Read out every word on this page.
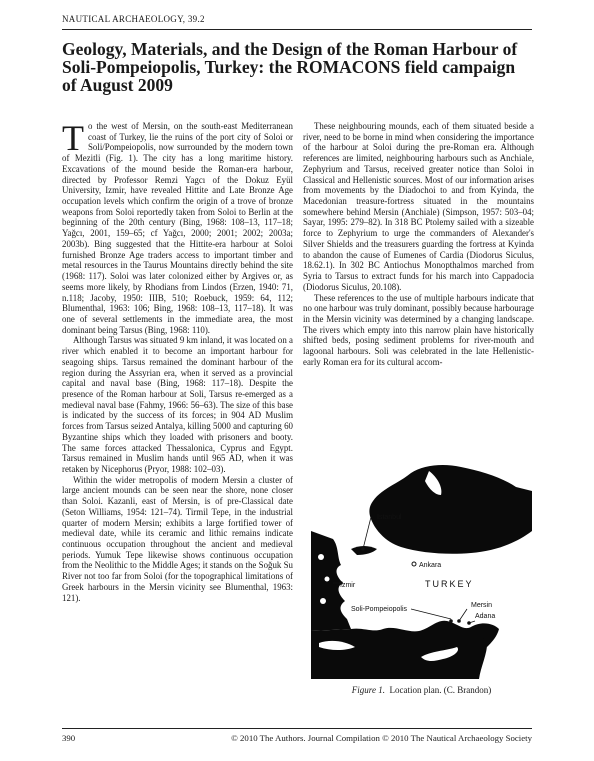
NAUTICAL ARCHAEOLOGY, 39.2
Geology, Materials, and the Design of the Roman Harbour of Soli-Pompeiopolis, Turkey: the ROMACONS field campaign of August 2009

To the west of Mersin, on the south-east Mediterranean coast of Turkey, lie the ruins of the port city of Soloi or Soli/Pompeiopolis, now surrounded by the modern town of Mezitli (Fig. 1). The city has a long maritime history. Excavations of the mound beside the Roman-era harbour, directed by Professor Remzi Yagcı of the Dokuz Eyül University, Izmir, have revealed Hittite and Late Bronze Age occupation levels which confirm the origin of a trove of bronze weapons from Soloi reportedly taken from Soloi to Berlin at the beginning of the 20th century (Bing, 1968: 108–13, 117–18; Yağcı, 2001, 159–65; cf Yağcı, 2000; 2001; 2002; 2003a; 2003b). Bing suggested that the Hittite-era harbour at Soloi furnished Bronze Age traders access to important timber and metal resources in the Taurus Mountains directly behind the site (1968: 117). Soloi was later colonized either by Argives or, as seems more likely, by Rhodians from Lindos (Erzen, 1940: 71, n.118; Jacoby, 1950: IIIB, 510; Roebuck, 1959: 64, 112; Blumenthal, 1963: 106; Bing, 1968: 108–13, 117–18). It was one of several settlements in the immediate area, the most dominant being Tarsus (Bing, 1968: 110).

Although Tarsus was situated 9 km inland, it was located on a river which enabled it to become an important harbour for seagoing ships. Tarsus remained the dominant harbour of the region during the Assyrian era, when it served as a provincial capital and naval base (Bing, 1968: 117–18). Despite the presence of the Roman harbour at Soli, Tarsus re-emerged as a medieval naval base (Fahmy, 1966: 56–63). The size of this base is indicated by the success of its forces; in 904 AD Muslim forces from Tarsus seized Antalya, killing 5000 and capturing 60 Byzantine ships which they loaded with prisoners and booty. The same forces attacked Thessalonica, Cyprus and Egypt. Tarsus remained in Muslim hands until 965 AD, when it was retaken by Nicephorus (Pryor, 1988: 102–03).

Within the wider metropolis of modern Mersin a cluster of large ancient mounds can be seen near the shore, none closer than Soloi. Kazanli, east of Mersin, is of pre-Classical date (Seton Williams, 1954: 121–74). Tirmil Tepe, in the industrial quarter of modern Mersin; exhibits a large fortified tower of medieval date, while its ceramic and lithic remains indicate continuous occupation throughout the ancient and medieval periods. Yumuk Tepe likewise shows continuous occupation from the Neolithic to the Middle Ages; it stands on the Soğuk Su River not too far from Soloi (for the topographical limitations of Greek harbours in the Mersin vicinity see Blumenthal, 1963: 121).

These neighbouring mounds, each of them situated beside a river, need to be borne in mind when considering the importance of the harbour at Soloi during the pre-Roman era. Although references are limited, neighbouring harbours such as Anchiale, Zephyrium and Tarsus, received greater notice than Soloi in Classical and Hellenistic sources. Most of our information arises from movements by the Diadochoi to and from Kyinda, the Macedonian treasure-fortress situated in the mountains somewhere behind Mersin (Anchiale) (Simpson, 1957: 503–04; Sayar, 1995: 279–82). In 318 BC Ptolemy sailed with a sizeable force to Zephyrium to urge the commanders of Alexander's Silver Shields and the treasurers guarding the fortress at Kyinda to abandon the cause of Eumenes of Cardia (Diodorus Siculus, 18.62.1). In 302 BC Antiochus Monopthalmos marched from Syria to Tarsus to extract funds for his march into Cappadocia (Diodorus Siculus, 20.108).

These references to the use of multiple harbours indicate that no one harbour was truly dominant, possibly because harbourage in the Mersin vicinity was determined by a changing landscape. The rivers which empty into this narrow plain have historically shifted beds, posing sediment problems for river-mouth and lagoonal harbours. Soli was celebrated in the late Hellenistic-early Roman era for its cultural accom-

Istanbul
Ankara
Izmir	TURKEY
Soli-Pompeiopolis
Mersin
Adana
Figure 1. Location plan. (C. Brandon)
390	© 2010 The Authors. Journal Compilation © 2010 The Nautical Archaeology Society
